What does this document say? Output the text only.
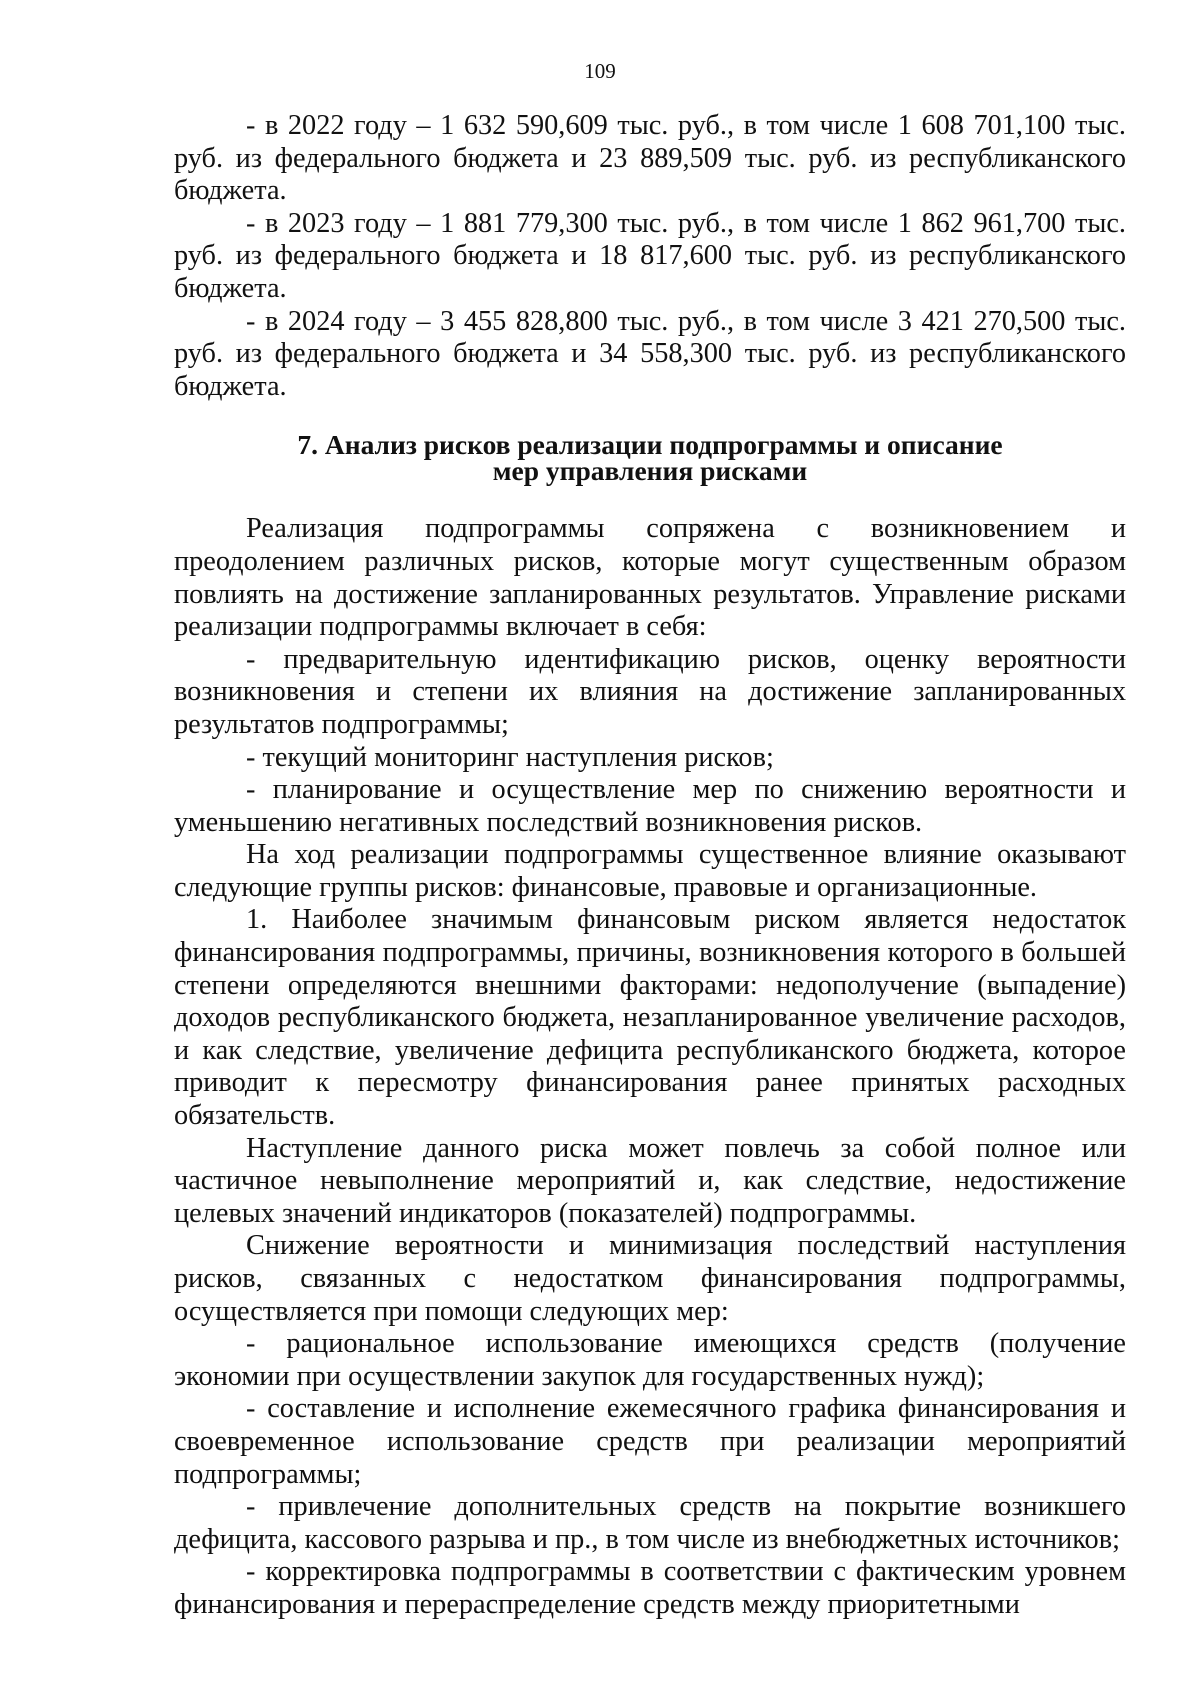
109

- в 2022 году – 1 632 590,609 тыс. руб., в том числе 1 608 701,100 тыс. руб. из федерального бюджета и 23 889,509 тыс. руб. из республиканского бюджета.

- в 2023 году – 1 881 779,300 тыс. руб., в том числе 1 862 961,700 тыс. руб. из федерального бюджета и 18 817,600 тыс. руб. из республиканского бюджета.

- в 2024 году – 3 455 828,800 тыс. руб., в том числе 3 421 270,500 тыс. руб. из федерального бюджета и 34 558,300 тыс. руб. из республиканского бюджета.

7. Анализ рисков реализации подпрограммы и описание
мер управления рисками

Реализация подпрограммы сопряжена с возникновением и преодолением различных рисков, которые могут существенным образом повлиять на достижение запланированных результатов. Управление рисками реализации подпрограммы включает в себя:

- предварительную идентификацию рисков, оценку вероятности возникновения и степени их влияния на достижение запланированных результатов подпрограммы;

- текущий мониторинг наступления рисков;

- планирование и осуществление мер по снижению вероятности и уменьшению негативных последствий возникновения рисков.

На ход реализации подпрограммы существенное влияние оказывают следующие группы рисков: финансовые, правовые и организационные.

1. Наиболее значимым финансовым риском является недостаток финансирования подпрограммы, причины, возникновения которого в большей степени определяются внешними факторами: недополучение (выпадение) доходов республиканского бюджета, незапланированное увеличение расходов, и как следствие, увеличение дефицита республиканского бюджета, которое приводит к пересмотру финансирования ранее принятых расходных обязательств.

Наступление данного риска может повлечь за собой полное или частичное невыполнение мероприятий и, как следствие, недостижение целевых значений индикаторов (показателей) подпрограммы.

Снижение вероятности и минимизация последствий наступления рисков, связанных с недостатком финансирования подпрограммы, осуществляется при помощи следующих мер:

- рациональное использование имеющихся средств (получение экономии при осуществлении закупок для государственных нужд);

- составление и исполнение ежемесячного графика финансирования и своевременное использование средств при реализации мероприятий подпрограммы;

- привлечение дополнительных средств на покрытие возникшего дефицита, кассового разрыва и пр., в том числе из внебюджетных источников;

- корректировка подпрограммы в соответствии с фактическим уровнем финансирования и перераспределение средств между приоритетными
